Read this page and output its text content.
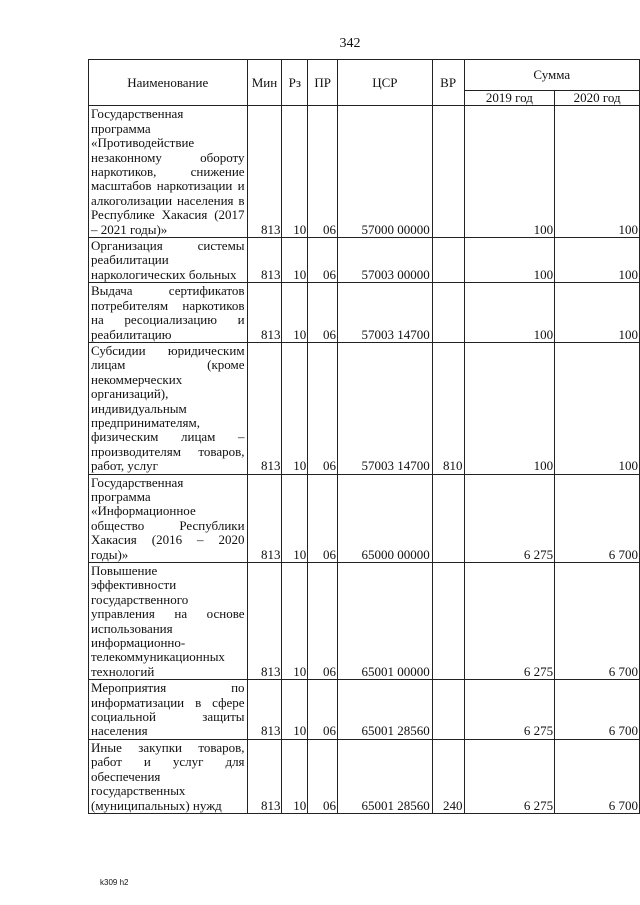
342
Наименование	Мин	Рз	ПР	ЦСР	ВР	Сумма	
						2019 год	2020 год
Государственная программа «Противодействие незаконному обороту наркотиков, снижение масштабов наркотизации и алкоголизации населения в Республике Хакасия (2017 – 2021 годы)»	813	10	06	57000 00000		100	100
Организация системы реабилитации наркологических больных	813	10	06	57003 00000		100	100
Выдача сертификатов потребителям наркотиков на ресоциализацию и реабилитацию	813	10	06	57003 14700		100	100
Субсидии юридическим лицам (кроме некоммерческих организаций), индивидуальным предпринимателям, физическим лицам – производителям товаров, работ, услуг	813	10	06	57003 14700	810	100	100
Государственная программа «Информационное общество Республики Хакасия (2016 – 2020 годы)»	813	10	06	65000 00000		6 275	6 700
Повышение эффективности государственного управления на основе использования информационно-телекоммуникационных технологий	813	10	06	65001 00000		6 275	6 700
Мероприятия по информатизации в сфере социальной защиты населения	813	10	06	65001 28560		6 275	6 700
Иные закупки товаров, работ и услуг для обеспечения государственных (муниципальных) нужд	813	10	06	65001 28560	240	6 275	6 700
k309 h2
